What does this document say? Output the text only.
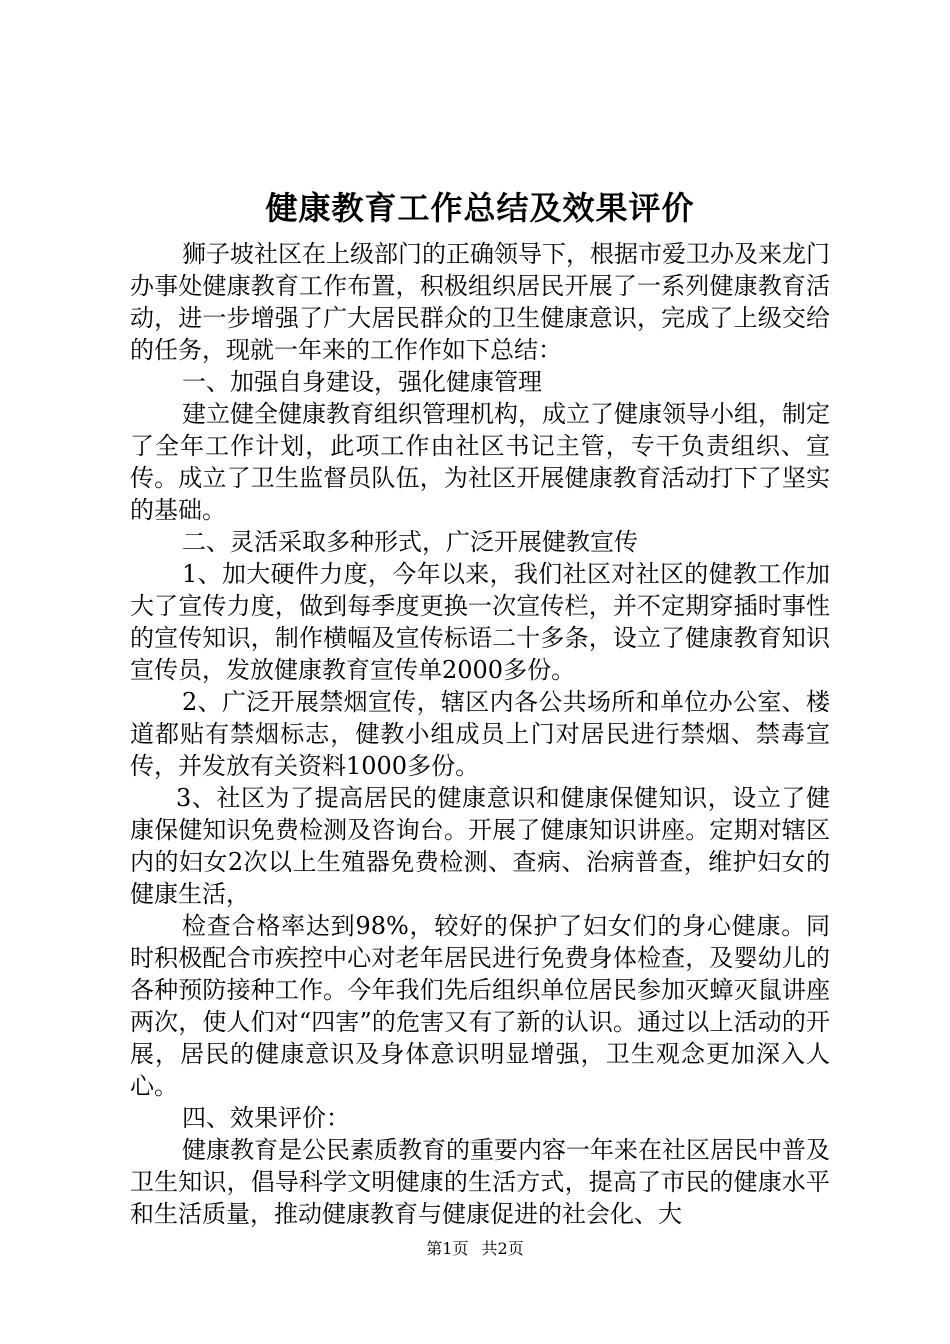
健康教育工作总结及效果评价

狮子坡社区在上级部门的正确领导下，根据市爱卫办及来龙门办事处健康教育工作布置，积极组织居民开展了一系列健康教育活动，进一步增强了广大居民群众的卫生健康意识，完成了上级交给的任务，现就一年来的工作作如下总结：

一、加强自身建设，强化健康管理

建立健全健康教育组织管理机构，成立了健康领导小组，制定了全年工作计划，此项工作由社区书记主管，专干负责组织、宣传。成立了卫生监督员队伍，为社区开展健康教育活动打下了坚实的基础。

二、灵活采取多种形式，广泛开展健教宣传

1、加大硬件力度，今年以来，我们社区对社区的健教工作加大了宣传力度，做到每季度更换一次宣传栏，并不定期穿插时事性的宣传知识，制作横幅及宣传标语二十多条，设立了健康教育知识宣传员，发放健康教育宣传单2000多份。

2、广泛开展禁烟宣传，辖区内各公共场所和单位办公室、楼道都贴有禁烟标志，健教小组成员上门对居民进行禁烟、禁毒宣传，并发放有关资料1000多份。

3、社区为了提高居民的健康意识和健康保健知识，设立了健康保健知识免费检测及咨询台。开展了健康知识讲座。定期对辖区内的妇女2次以上生殖器免费检测、查病、治病普查，维护妇女的健康生活，

检查合格率达到98%，较好的保护了妇女们的身心健康。同时积极配合市疾控中心对老年居民进行免费身体检查，及婴幼儿的各种预防接种工作。今年我们先后组织单位居民参加灭蟑灭鼠讲座两次，使人们对“四害”的危害又有了新的认识。通过以上活动的开展，居民的健康意识及身体意识明显增强，卫生观念更加深入人心。

四、效果评价：

健康教育是公民素质教育的重要内容一年来在社区居民中普及卫生知识，倡导科学文明健康的生活方式，提高了市民的健康水平和生活质量，推动健康教育与健康促进的社会化、大

第1页 共2页
